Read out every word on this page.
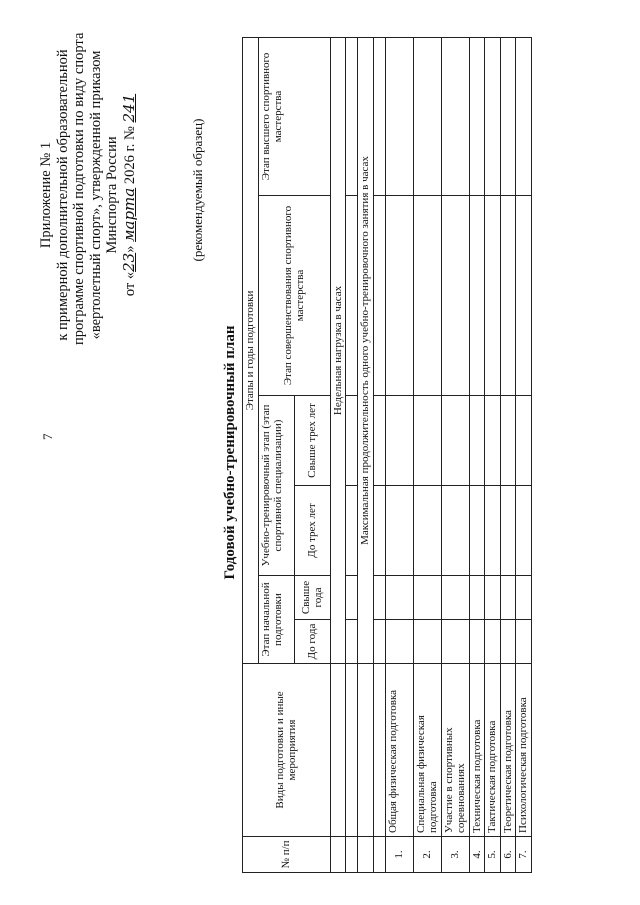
7
Приложение № 1 к примерной дополнительной образовательной программе спортивной подготовки по виду спорта «вертолетный спорт», утвержденной приказом Минспорта России
от «23» марта 2026 г. № 241
(рекомендуемый образец)
Годовой учебно-тренировочный план
№ п/п	Виды подготовки и иные мероприятия	Этапы и годы подготовки					
		Этап начальной подготовки		Учебно-тренировочный этап (этап спортивной специализации)		Этап совершенствования спортивного мастерства	Этап высшего спортивного мастерства
		До года	Свыше года	До трех лет	Свыше трех лет		
		Недельная нагрузка в часах					

		Максимальная продолжительность одного учебно-тренировочного занятия в часах					

1.	Общая физическая подготовка						
2.	Специальная физическая подготовка						
3.	Участие в спортивных соревнованиях						
4.	Техническая подготовка						
5.	Тактическая подготовка						
6.	Теоретическая подготовка						
7.	Психологическая подготовка						
